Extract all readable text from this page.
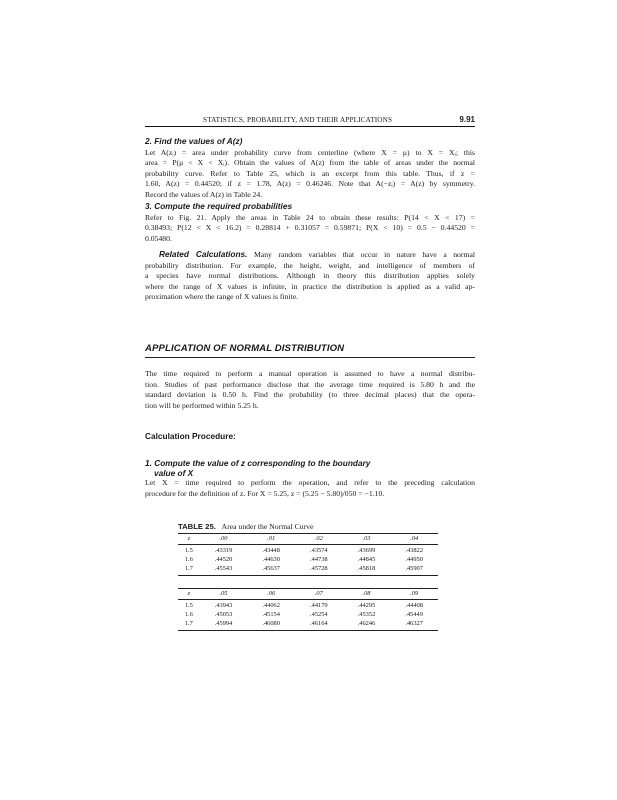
STATISTICS, PROBABILITY, AND THEIR APPLICATIONS	9.91
2. Find the values of A(z)
Let A(zᵢ) = area under probability curve from centerline (where X = μ) to X = Xᵢ; this
area = P(μ < X < Xᵢ). Obtain the values of A(z) from the table of areas under the normal
probability curve. Refer to Table 25, which is an excerpt from this table. Thus, if z =
1.60, A(z) = 0.44520; if z = 1.78, A(z) = 0.46246. Note that A(−zᵢ) = A(z) by symmetry.
Record the values of A(z) in Table 24.
3. Compute the required probabilities
Refer to Fig. 21. Apply the areas in Table 24 to obtain these results: P(14 < X < 17) =
0.38493; P(12 < X < 16.2) = 0.28814 + 0.31057 = 0.59871; P(X < 10) = 0.5 − 0.44520 =
0.05480.
Related Calculations. Many random variables that occur in nature have a normal
probability distribution. For example, the height, weight, and intelligence of members of
a species have normal distributions. Although in theory this distribution applies solely
where the range of X values is infinite, in practice the distribution is applied as a valid ap-
proximation where the range of X values is finite.
APPLICATION OF NORMAL DISTRIBUTION
The time required to perform a manual operation is assumed to have a normal distribu-
tion. Studies of past performance disclose that the average time required is 5.80 h and the
standard deviation is 0.50 h. Find the probability (to three decimal places) that the opera-
tion will be performed within 5.25 h.
Calculation Procedure:
1. Compute the value of z corresponding to the boundary
value of X
Let X = time required to perform the operation, and refer to the preceding calculation
procedure for the definition of z. For X = 5.25, z = (5.25 − 5.80)/050 = −1.10.
TABLE 25. Area under the Normal Curve
z	.00	.01	.02	.03	.04

1.5	.43319	.43448	.43574	.43699	.43822
1.6	.44520	.44630	.44738	.44845	.44950
1.7	.45543	.45637	.45728	.45818	.45907
z	.05	.06	.07	.08	.09

1.5	.43943	.44062	.44179	.44295	.44408
1.6	.45053	.45154	.45254	.45352	.45449
1.7	.45994	.46080	.46164	.46246	.46327
